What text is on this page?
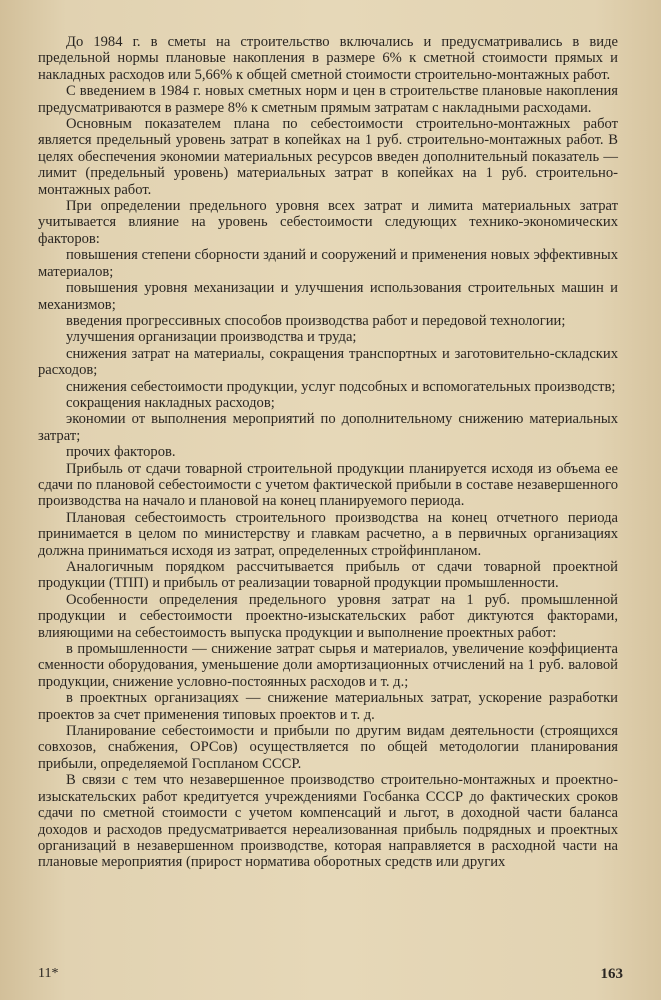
До 1984 г. в сметы на строительство включались и предусматривались в виде предельной нормы плановые накопления в размере 6% к сметной стоимости прямых и накладных расходов или 5,66% к общей сметной стоимости строительно-монтажных работ.

С введением в 1984 г. новых сметных норм и цен в строительстве плановые накопления предусматриваются в размере 8% к сметным прямым затратам с накладными расходами.

Основным показателем плана по себестоимости строительно-монтажных работ является предельный уровень затрат в копейках на 1 руб. строительно-монтажных работ. В целях обеспечения экономии материальных ресурсов введен дополнительный показатель — лимит (предельный уровень) материальных затрат в копейках на 1 руб. строительно-монтажных работ.

При определении предельного уровня всех затрат и лимита материальных затрат учитывается влияние на уровень себестоимости следующих технико-экономических факторов:

повышения степени сборности зданий и сооружений и применения новых эффективных материалов;

повышения уровня механизации и улучшения использования строительных машин и механизмов;

введения прогрессивных способов производства работ и передовой технологии;

улучшения организации производства и труда;

снижения затрат на материалы, сокращения транспортных и заготовительно-складских расходов;

снижения себестоимости продукции, услуг подсобных и вспомогательных производств;

сокращения накладных расходов;

экономии от выполнения мероприятий по дополнительному снижению материальных затрат;

прочих факторов.

Прибыль от сдачи товарной строительной продукции планируется исходя из объема ее сдачи по плановой себестоимости с учетом фактической прибыли в составе незавершенного производства на начало и плановой на конец планируемого периода.

Плановая себестоимость строительного производства на конец отчетного периода принимается в целом по министерству и главкам расчетно, а в первичных организациях должна приниматься исходя из затрат, определенных стройфинпланом.

Аналогичным порядком рассчитывается прибыль от сдачи товарной проектной продукции (ТПП) и прибыль от реализации товарной продукции промышленности.

Особенности определения предельного уровня затрат на 1 руб. промышленной продукции и себестоимости проектно-изыскательских работ диктуются факторами, влияющими на себестоимость выпуска продукции и выполнение проектных работ:

в промышленности — снижение затрат сырья и материалов, увеличение коэффициента сменности оборудования, уменьшение доли амортизационных отчислений на 1 руб. валовой продукции, снижение условно-постоянных расходов и т. д.;

в проектных организациях — снижение материальных затрат, ускорение разработки проектов за счет применения типовых проектов и т. д.

Планирование себестоимости и прибыли по другим видам деятельности (строящихся совхозов, снабжения, ОРСов) осуществляется по общей методологии планирования прибыли, определяемой Госпланом СССР.

В связи с тем что незавершенное производство строительно-монтажных и проектно-изыскательских работ кредитуется учреждениями Госбанка СССР до фактических сроков сдачи по сметной стоимости с учетом компенсаций и льгот, в доходной части баланса доходов и расходов предусматривается нереализованная прибыль подрядных и проектных организаций в незавершенном производстве, которая направляется в расходной части на плановые мероприятия (прирост норматива оборотных средств или других

11*	163
